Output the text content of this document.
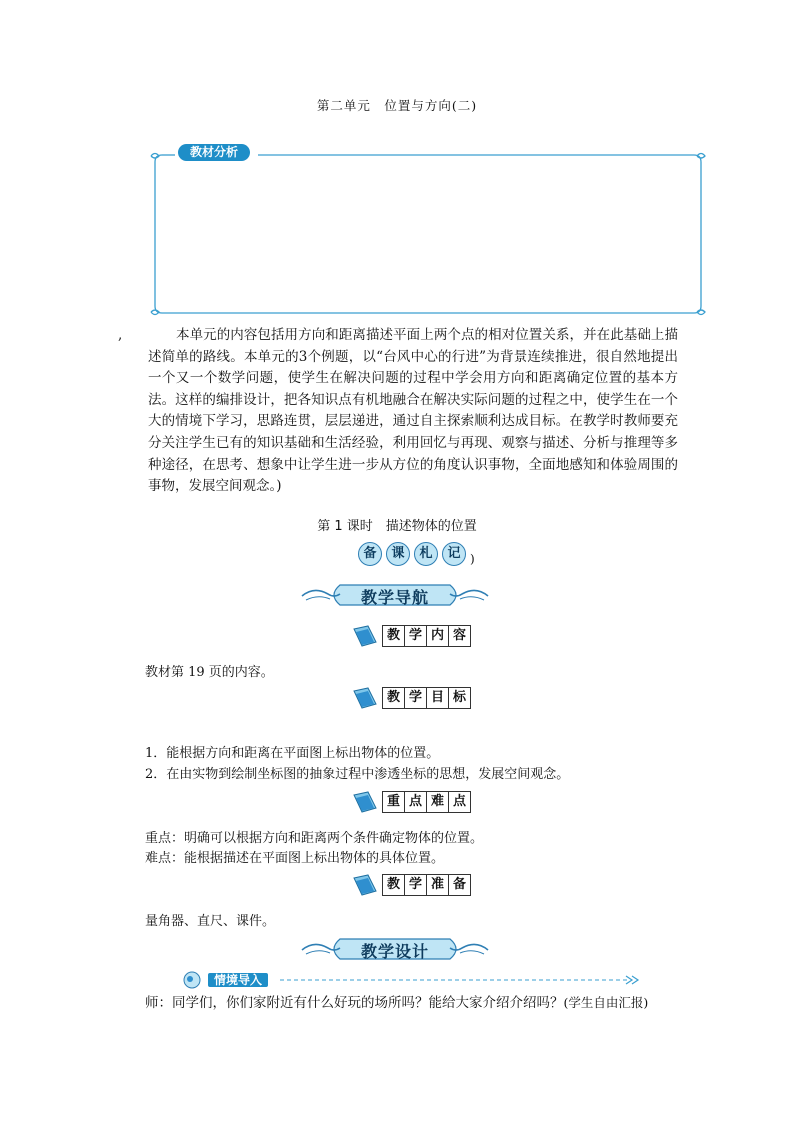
第二单元　位置与方向(二)
教材分析
,	本单元的内容包括用方向和距离描述平面上两个点的相对位置关系，并在此基础上描述简单的路线。本单元的3个例题，以“台风中心的行进”为背景连续推进，很自然地提出一个又一个数学问题，使学生在解决问题的过程中学会用方向和距离确定位置的基本方法。这样的编排设计，把各知识点有机地融合在解决实际问题的过程之中，使学生在一个大的情境下学习，思路连贯，层层递进，通过自主探索顺利达成目标。在教学时教师要充分关注学生已有的知识基础和生活经验，利用回忆与再现、观察与描述、分析与推理等多种途径，在思考、想象中让学生进一步从方位的角度认识事物，全面地感知和体验周围的事物，发展空间观念。)

第 1 课时　描述物体的位置
备 课 札 记 )
教学导航
教 学 内 容
教材第 19 页的内容。
教 学 目 标
1．能根据方向和距离在平面图上标出物体的位置。
2．在由实物到绘制坐标图的抽象过程中渗透坐标的思想，发展空间观念。
重 点 难 点
重点：明确可以根据方向和距离两个条件确定物体的位置。
难点：能根据描述在平面图上标出物体的具体位置。
教 学 准 备
量角器、直尺、课件。
教学设计
情境导入
师：同学们，你们家附近有什么好玩的场所吗？能给大家介绍介绍吗？(学生自由汇报)
